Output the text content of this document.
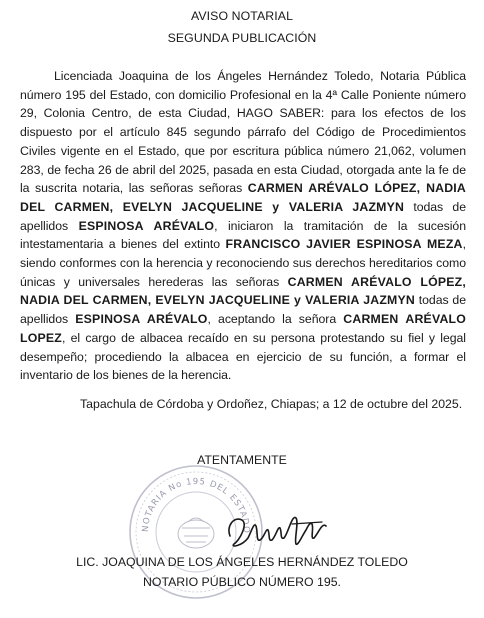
AVISO NOTARIAL
SEGUNDA PUBLICACIÓN

Licenciada Joaquina de los Ángeles Hernández Toledo, Notaria Pública número 195 del Estado, con domicilio Profesional en la 4ª Calle Poniente número 29, Colonia Centro, de esta Ciudad, HAGO SABER: para los efectos de los dispuesto por el artículo 845 segundo párrafo del Código de Procedimientos Civiles vigente en el Estado, que por escritura pública número 21,062, volumen 283, de fecha 26 de abril del 2025, pasada en esta Ciudad, otorgada ante la fe de la suscrita notaria, las señoras señoras CARMEN ARÉVALO LÓPEZ, NADIA DEL CARMEN, EVELYN JACQUELINE y VALERIA JAZMYN todas de apellidos ESPINOSA ARÉVALO, iniciaron la tramitación de la sucesión intestamentaria a bienes del extinto FRANCISCO JAVIER ESPINOSA MEZA, siendo conformes con la herencia y reconociendo sus derechos hereditarios como únicas y universales herederas las señoras CARMEN ARÉVALO LÓPEZ, NADIA DEL CARMEN, EVELYN JACQUELINE y VALERIA JAZMYN todas de apellidos ESPINOSA ARÉVALO, aceptando la señora CARMEN ARÉVALO LOPEZ, el cargo de albacea recaído en su persona protestando su fiel y legal desempeño; procediendo la albacea en ejercicio de su función, a formar el inventario de los bienes de la herencia.

Tapachula de Córdoba y Ordoñez, Chiapas; a 12 de octubre del 2025.
ATENTAMENTE
NOTARIA No 195 DEL ESTADO
LIC. JOAQUINA DE LOS ÁNGELES HERNÁNDEZ TOLEDO
NOTARIO PÚBLICO NÚMERO 195.
